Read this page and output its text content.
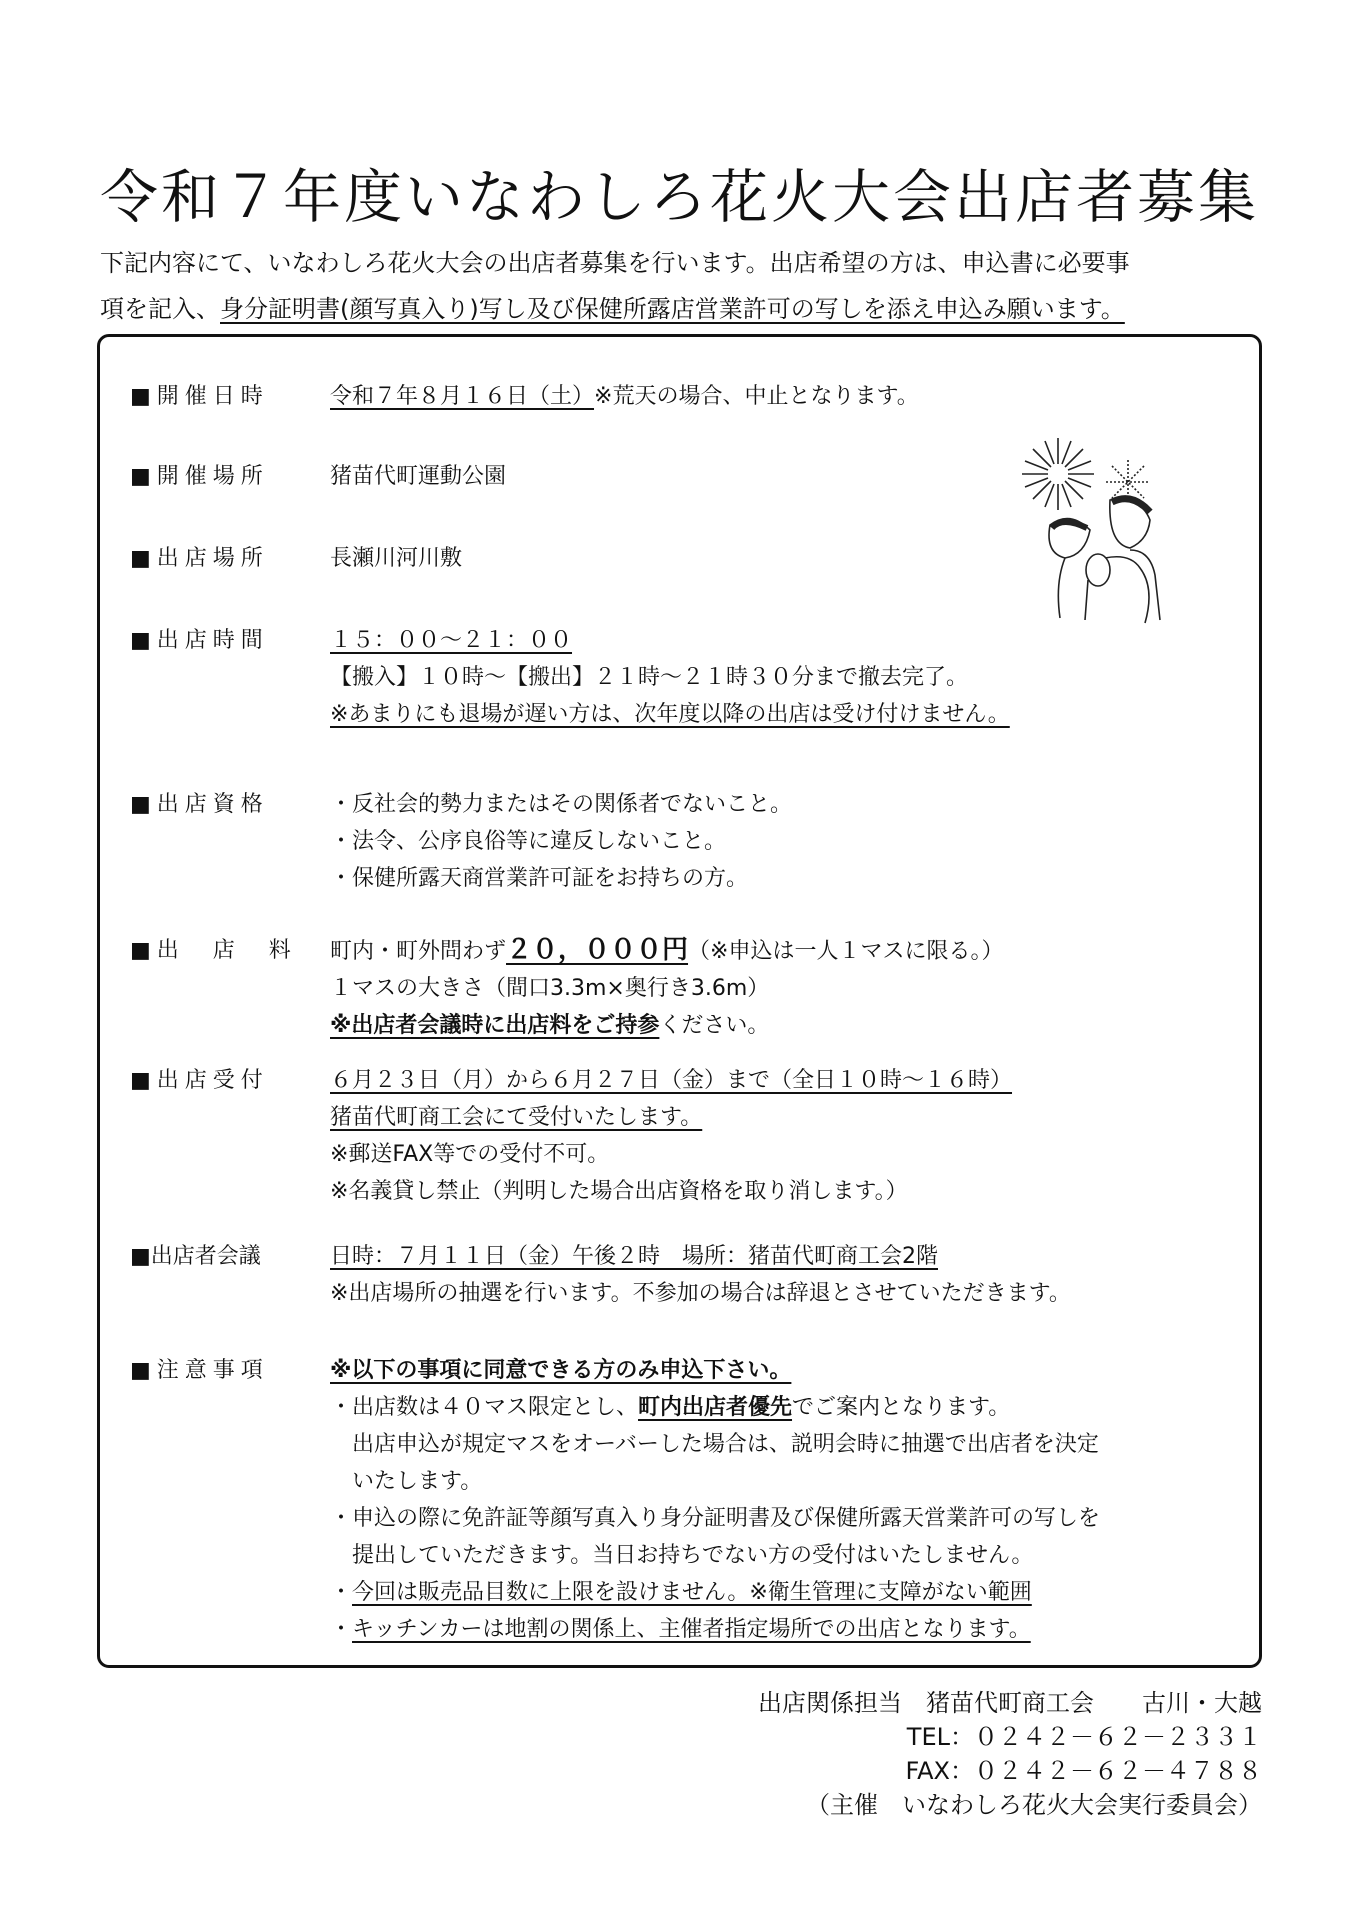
令和７年度いなわしろ花火大会出店者募集
下記内容にて、いなわしろ花火大会の出店者募集を行います。出店希望の方は、申込書に必要事
項を記入、身分証明書(顔写真入り)写し及び保健所露店営業許可の写しを添え申込み願います。
■開催日時	令和７年８月１６日（土）※荒天の場合、中止となります。
■開催場所	猪苗代町運動公園
■出店場所	長瀬川河川敷
■出店時間	１５：００～２１：００
【搬入】１０時～【搬出】２１時～２１時３０分まで撤去完了。
※あまりにも退場が遅い方は、次年度以降の出店は受け付けません。
■出店資格	・反社会的勢力またはその関係者でないこと。
・法令、公序良俗等に違反しないこと。
・保健所露天商営業許可証をお持ちの方。
■出　店　料	町内・町外問わず２０，０００円（※申込は一人１マスに限る。）
１マスの大きさ（間口3.3m×奥行き3.6m）
※出店者会議時に出店料をご持参ください。
■出店受付	６月２３日（月）から６月２７日（金）まで（全日１０時～１６時）
猪苗代町商工会にて受付いたします。
※郵送FAX等での受付不可。
※名義貸し禁止（判明した場合出店資格を取り消します。）
■出店者会議	日時：７月１１日（金）午後２時　場所：猪苗代町商工会2階
※出店場所の抽選を行います。不参加の場合は辞退とさせていただきます。
■注意事項	※以下の事項に同意できる方のみ申込下さい。
・出店数は４０マス限定とし、町内出店者優先でご案内となります。
出店申込が規定マスをオーバーした場合は、説明会時に抽選で出店者を決定
いたします。
・申込の際に免許証等顔写真入り身分証明書及び保健所露天営業許可の写しを
提出していただきます。当日お持ちでない方の受付はいたしません。
・今回は販売品目数に上限を設けません。※衛生管理に支障がない範囲
・キッチンカーは地割の関係上、主催者指定場所での出店となります。
出店関係担当　猪苗代町商工会　　古川・大越
TEL：０２４２－６２－２３３１
FAX：０２４２－６２－４７８８
（主催　いなわしろ花火大会実行委員会）
